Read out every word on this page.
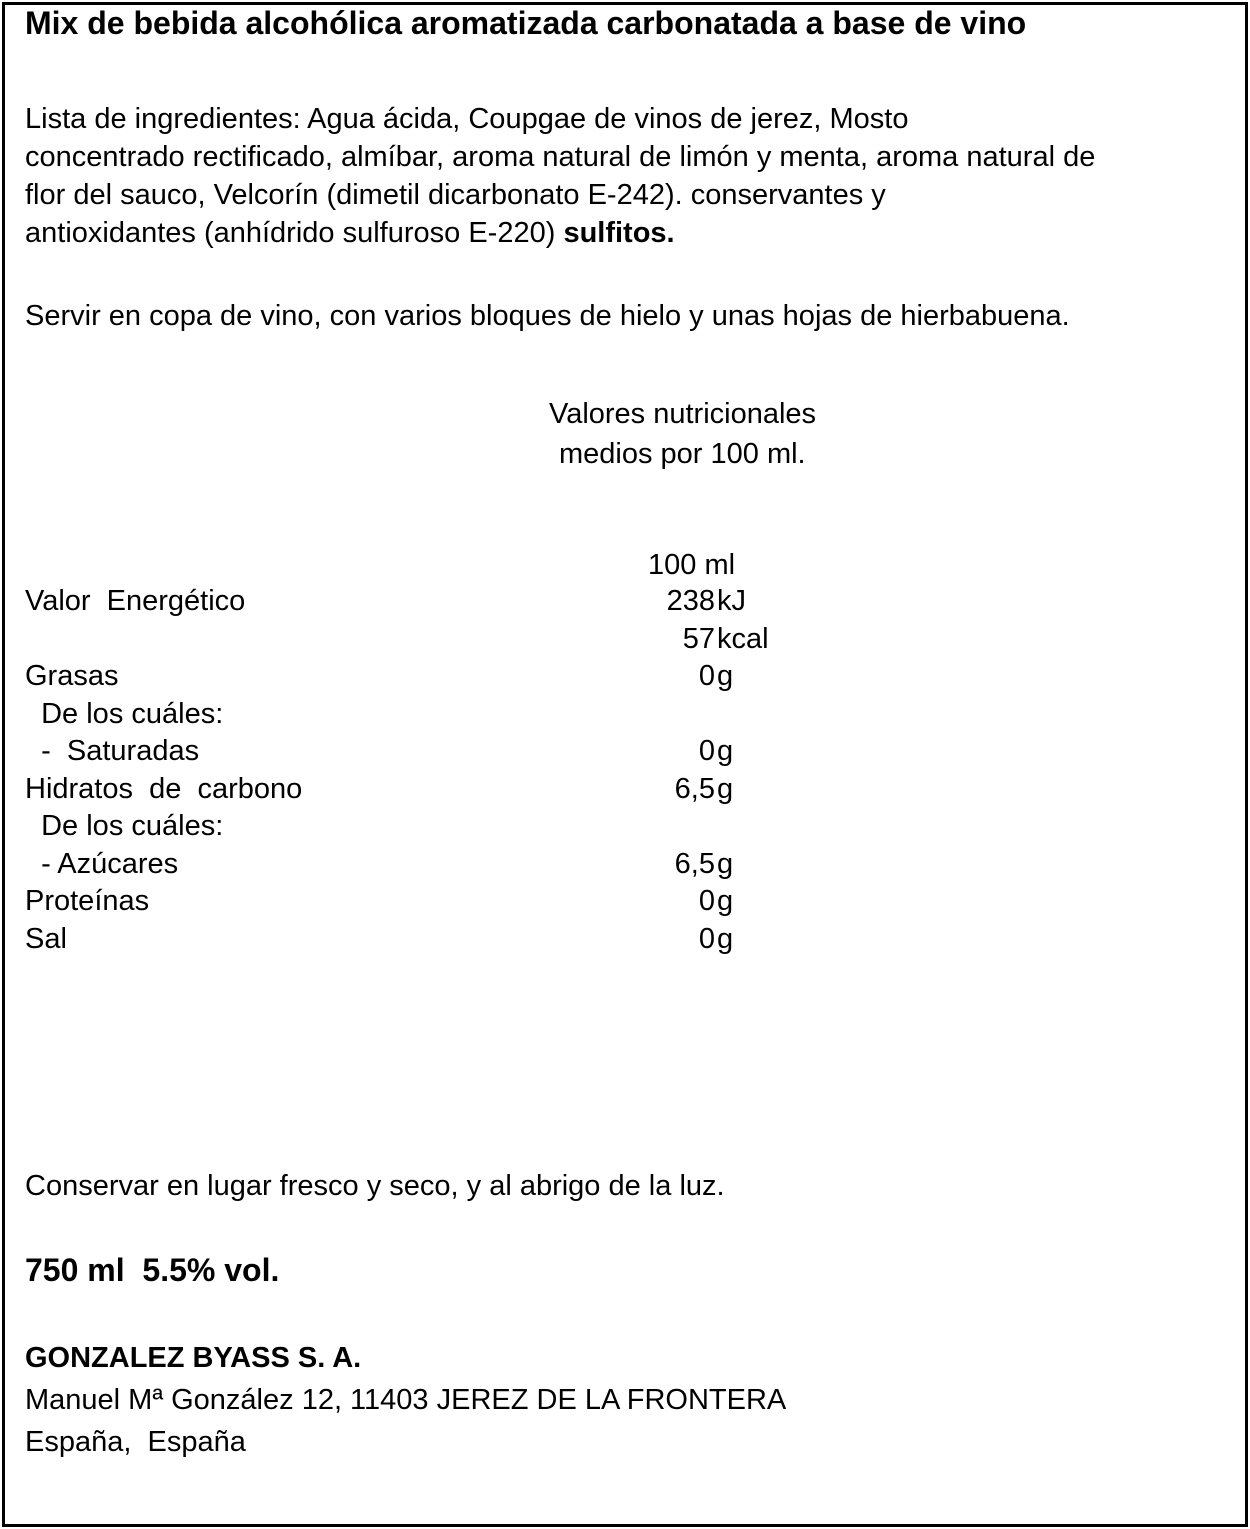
Mix de bebida alcohólica aromatizada carbonatada a base de vino
Lista de ingredientes: Agua ácida, Coupgae de vinos de jerez, Mosto
concentrado rectificado, almíbar, aroma natural de limón y menta, aroma natural de
flor del sauco, Velcorín (dimetil dicarbonato E-242). conservantes y
antioxidantes (anhídrido sulfuroso E-220) sulfitos.
Servir en copa de vino, con varios bloques de hielo y unas hojas de hierbabuena.
Valores nutricionales
medios por 100 ml.
100 ml
Valor  Energético	238 kJ
57 kcal
Grasas	0 g
De los cuáles:
-  Saturadas	0 g
Hidratos  de  carbono	6,5 g
De los cuáles:
- Azúcares	6,5 g
Proteínas	0 g
Sal	0 g
Conservar en lugar fresco y seco, y al abrigo de la luz.
750 ml  5.5% vol.
GONZALEZ BYASS S. A.
Manuel Mª González 12, 11403 JEREZ DE LA FRONTERA
España,  España
